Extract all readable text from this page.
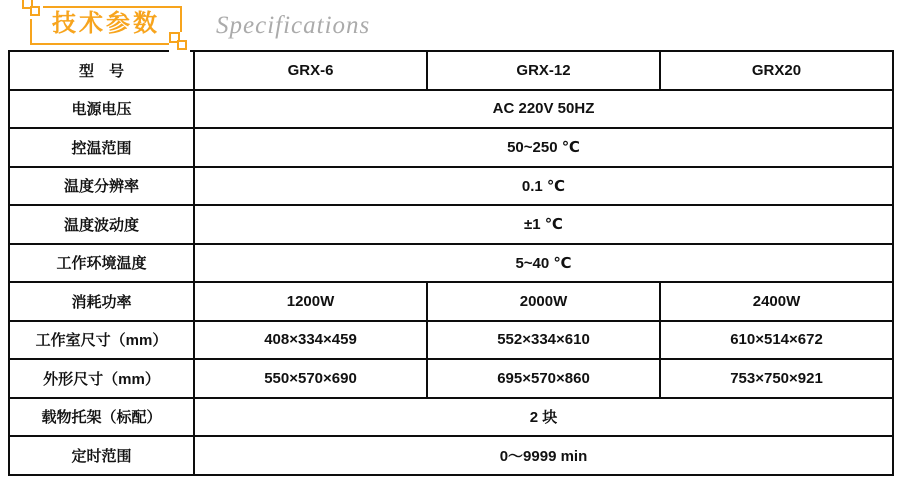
技术参数	Specifications
型　号	GRX-6	GRX-12	GRX20
电源电压	AC 220V 50HZ		
控温范围	50~250 ℃		
温度分辨率	0.1 ℃		
温度波动度	±1 ℃		
工作环境温度	5~40 ℃		
消耗功率	1200W	2000W	2400W
工作室尺寸（mm）	408×334×459	552×334×610	610×514×672
外形尺寸（mm）	550×570×690	695×570×860	753×750×921
载物托架（标配）	2 块		
定时范围	0〜9999 min		
